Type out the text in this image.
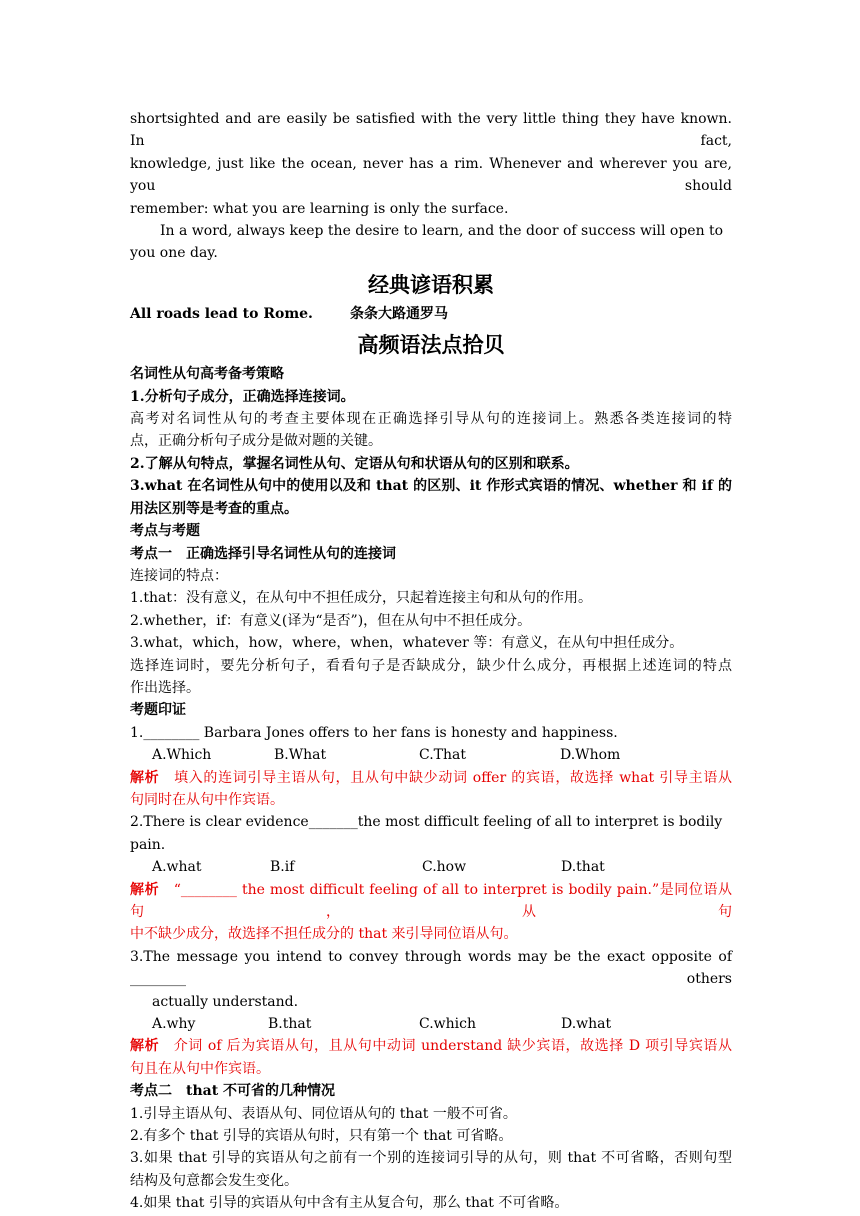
shortsighted and are easily be satisfied with the very little thing they have known. In fact,

knowledge, just like the ocean, never has a rim. Whenever and wherever you are, you should

remember: what you are learning is only the surface.

In a word, always keep the desire to learn, and the door of success will open to you one day.

经典谚语积累
All roads lead to Rome.	条条大路通罗马
高频语法点拾贝

名词性从句高考备考策略

1.分析句子成分，正确选择连接词。

高考对名词性从句的考查主要体现在正确选择引导从句的连接词上。熟悉各类连接词的特

点，正确分析句子成分是做对题的关键。

2.了解从句特点，掌握名词性从句、定语从句和状语从句的区别和联系。

3.what 在名词性从句中的使用以及和 that 的区别、it 作形式宾语的情况、whether 和 if 的

用法区别等是考查的重点。

考点与考题

考点一　正确选择引导名词性从句的连接词

连接词的特点：

1.that：没有意义，在从句中不担任成分，只起着连接主句和从句的作用。

2.whether，if：有意义(译为“是否”)，但在从句中不担任成分。

3.what，which，how，where，when，whatever 等：有意义，在从句中担任成分。

选择连词时，要先分析句子，看看句子是否缺成分，缺少什么成分，再根据上述连词的特点

作出选择。

考题印证

1.________ Barbara Jones offers to her fans is honesty and happiness.

A.Which	B.What	C.That	D.Whom

解析　 填入的连词引导主语从句，且从句中缺少动词 offer 的宾语，故选择 what 引导主语从

句同时在从句中作宾语。

2.There is clear evidence_______the most difficult feeling of all to interpret is bodily pain.

A.what	B.if	C.how	D.that

解析　 “________ the most difficult feeling of all to interpret is bodily pain.”是同位语从句，从句

中不缺少成分，故选择不担任成分的 that 来引导同位语从句。

3.The message you intend to convey through words may be the exact opposite of ________ others

actually understand.

A.why	B.that	C.which	D.what

解析　 介词 of 后为宾语从句，且从句中动词 understand 缺少宾语，故选择 D 项引导宾语从

句且在从句中作宾语。

考点二　that 不可省的几种情况

1.引导主语从句、表语从句、同位语从句的 that 一般不可省。

2.有多个 that 引导的宾语从句时，只有第一个 that 可省略。

3.如果 that 引导的宾语从句之前有一个别的连接词引导的从句，则 that 不可省略，否则句型

结构及句意都会发生变化。

4.如果 that 引导的宾语从句中含有主从复合句，那么 that 不可省略。
